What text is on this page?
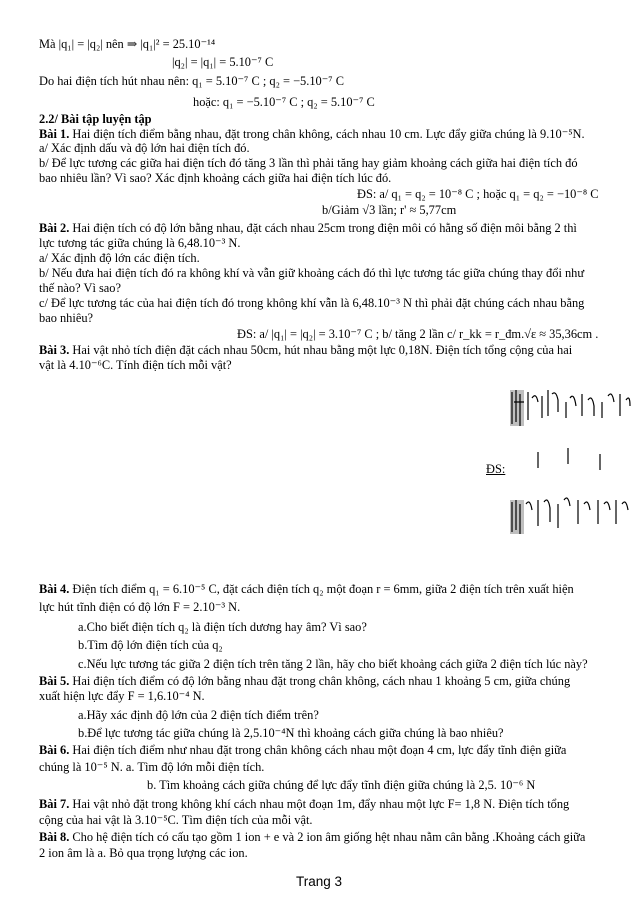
Mà |q₁| = |q₂| nên ⇒ |q₁|² = 25.10⁻¹⁴
|q₂| = |q₁| = 5.10⁻⁷ C
Do hai điện tích hút nhau nên: q₁ = 5.10⁻⁷ C ; q₂ = −5.10⁻⁷ C
hoặc: q₁ = −5.10⁻⁷ C ; q₂ = 5.10⁻⁷ C
2.2/ Bài tập luyện tập
Bài 1. Hai điện tích điểm bằng nhau, đặt trong chân không, cách nhau 10 cm. Lực đẩy giữa chúng là 9.10⁻⁵N.
a/ Xác định dấu và độ lớn hai điện tích đó.
b/ Để lực tương các giữa hai điện tích đó tăng 3 lần thì phải tăng hay giảm khoảng cách giữa hai điện tích đó
bao nhiêu lần? Vì sao? Xác định khoảng cách giữa hai điện tích lúc đó.
ĐS: a/ q₁ = q₂ = 10⁻⁸ C ; hoặc q₁ = q₂ = −10⁻⁸ C
b/Giảm √3 lần; r' ≈ 5,77cm
Bài 2. Hai điện tích có độ lớn bằng nhau, đặt cách nhau 25cm trong điện môi có hằng số điện môi bằng 2 thì
lực tương tác giữa chúng là 6,48.10⁻³ N.
a/ Xác định độ lớn các điện tích.
b/ Nếu đưa hai điện tích đó ra không khí và vẫn giữ khoảng cách đó thì lực tương tác giữa chúng thay đổi như
thế nào? Vì sao?
c/ Để lực tương tác của hai điện tích đó trong không khí vẫn là 6,48.10⁻³ N thì phải đặt chúng cách nhau bằng
bao nhiêu?
ĐS: a/ |q₁| = |q₂| = 3.10⁻⁷ C ; b/ tăng 2 lần c/ r_kk = r_đm.√ε ≈ 35,36cm .
Bài 3. Hai vật nhỏ tích điện đặt cách nhau 50cm, hút nhau bằng một lực 0,18N. Điện tích tổng cộng của hai
vật là 4.10⁻⁶C. Tính điện tích mỗi vật?
ĐS:
Bài 4. Điện tích điểm q₁ = 6.10⁻⁵ C, đặt cách điện tích q₂ một đoạn r = 6mm, giữa 2 điện tích trên xuất hiện
lực hút tĩnh điện có độ lớn F = 2.10⁻³ N.
a.Cho biết điện tích q₂ là điện tích dương hay âm? Vì sao?
b.Tìm độ lớn điện tích của q₂
c.Nếu lực tương tác giữa 2 điện tích trên tăng 2 lần, hãy cho biết khoảng cách giữa 2 điện tích lúc này?
Bài 5. Hai điện tích điểm có độ lớn bằng nhau đặt trong chân không, cách nhau 1 khoảng 5 cm, giữa chúng
xuất hiện lực đẩy F = 1,6.10⁻⁴ N.
a.Hãy xác định độ lớn của 2 điện tích điểm trên?
b.Để lực tương tác giữa chúng là 2,5.10⁻⁴N thì khoảng cách giữa chúng là bao nhiêu?
Bài 6. Hai điện tích điểm như nhau đặt trong chân không cách nhau một đoạn 4 cm, lực đẩy tĩnh điện giữa
chúng là 10⁻⁵ N. a. Tìm độ lớn mỗi điện tích.
b. Tìm khoảng cách giữa chúng để lực đẩy tĩnh điện giữa chúng là 2,5. 10⁻⁶ N
Bài 7. Hai vật nhỏ đặt trong không khí cách nhau một đoạn 1m, đẩy nhau một lực F= 1,8 N. Điện tích tổng
cộng của hai vật là 3.10⁻⁵C. Tìm điện tích của mỗi vật.
Bài 8. Cho hệ điện tích có cấu tạo gồm 1 ion + e và 2 ion âm giống hệt nhau nằm cân bằng .Khoảng cách giữa
2 ion âm là a. Bỏ qua trọng lượng các ion.
Trang 3
